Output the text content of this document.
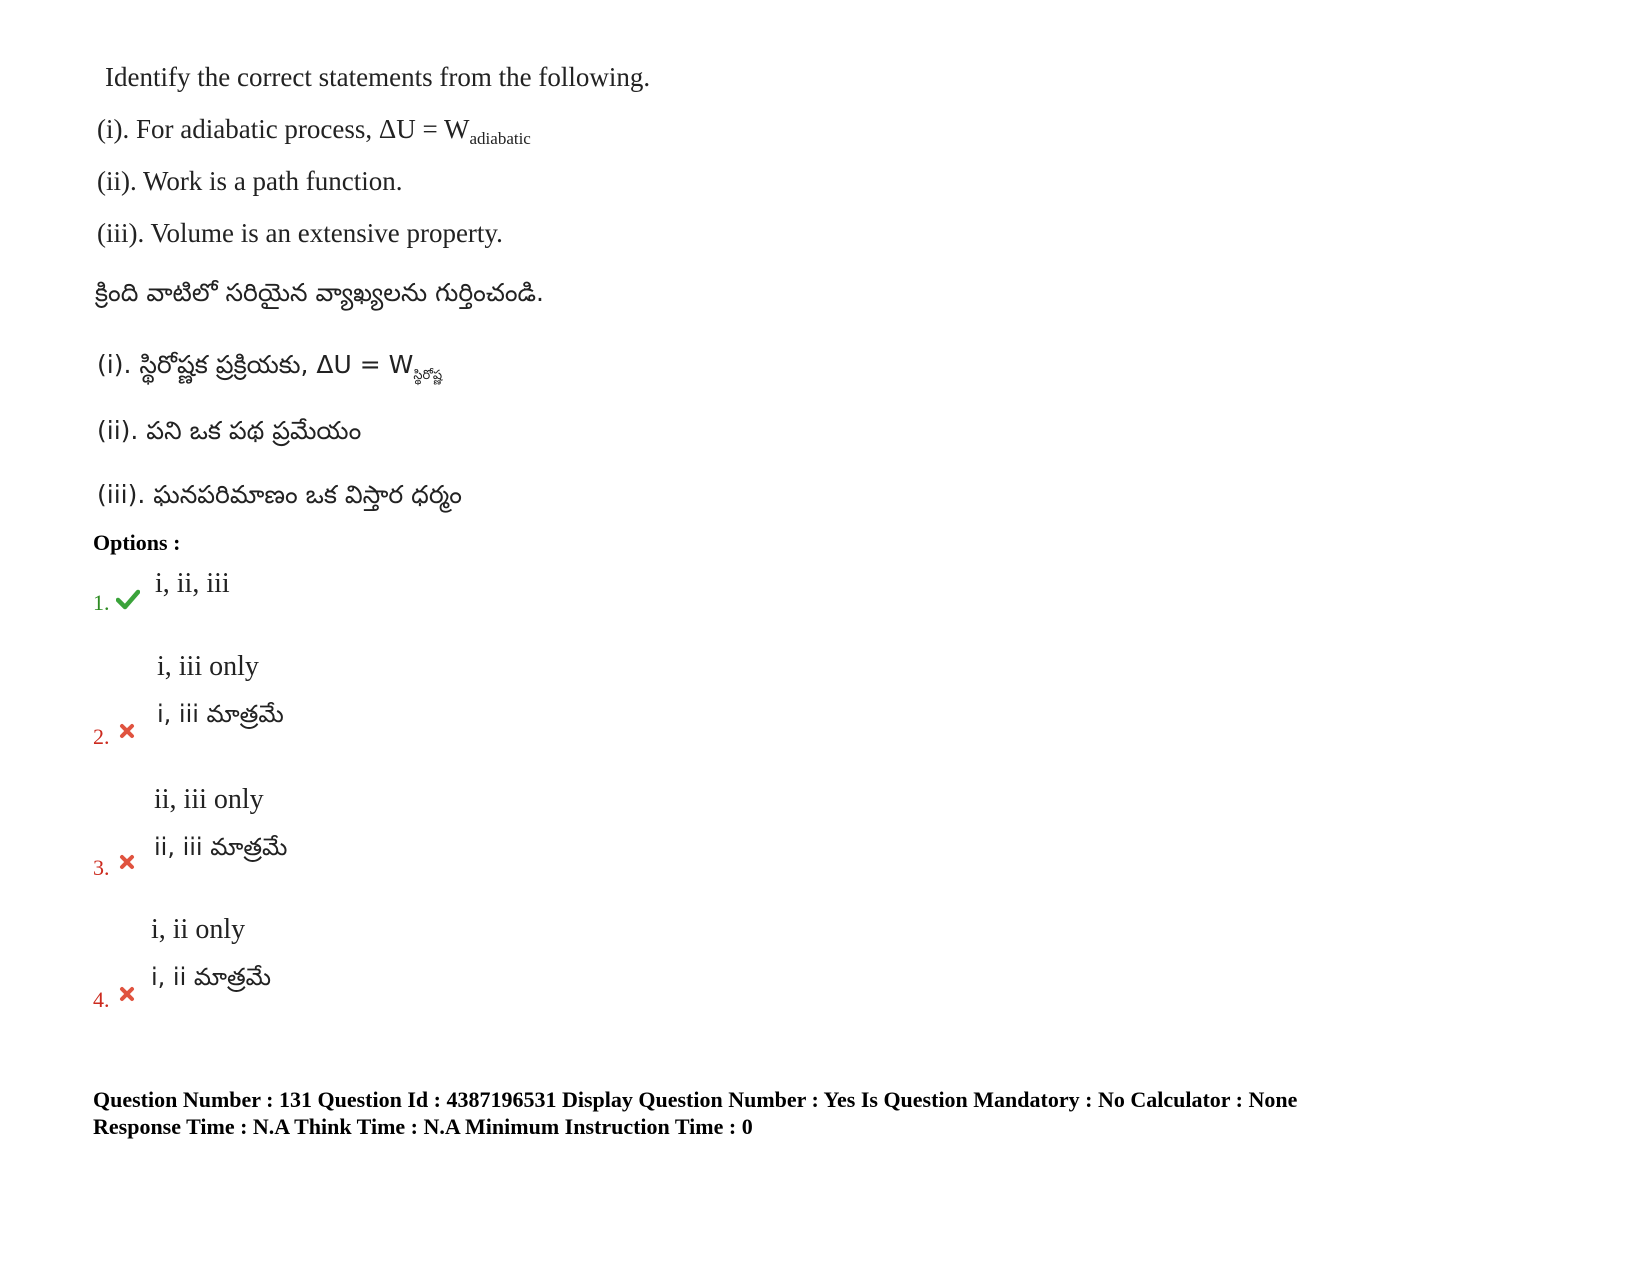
Identify the correct statements from the following.
(i). For adiabatic process, $\Delta U = W_{adiabatic}$
(ii). Work is a path function.
(iii). Volume is an extensive property.
క్రింది వాటిలో సరియైన వ్యాఖ్యలను గుర్తించండి.
(i). స్థిరోష్ణక ప్రక్రియకు, $\Delta U = W_{స్థిరోష్ణ}$
(ii). పని ఒక పథ ప్రమేయం
(iii). ఘనపరిమాణం ఒక విస్తార ధర్మం
Options :
i, ii, iii
1.
i, iii only
i, iii మాత్రమే
2.
ii, iii only
ii, iii మాత్రమే
3.
i, ii only
i, ii మాత్రమే
4.
Question Number : 131 Question Id : 4387196531 Display Question Number : Yes Is Question Mandatory : No Calculator : None
Response Time : N.A Think Time : N.A Minimum Instruction Time : 0
